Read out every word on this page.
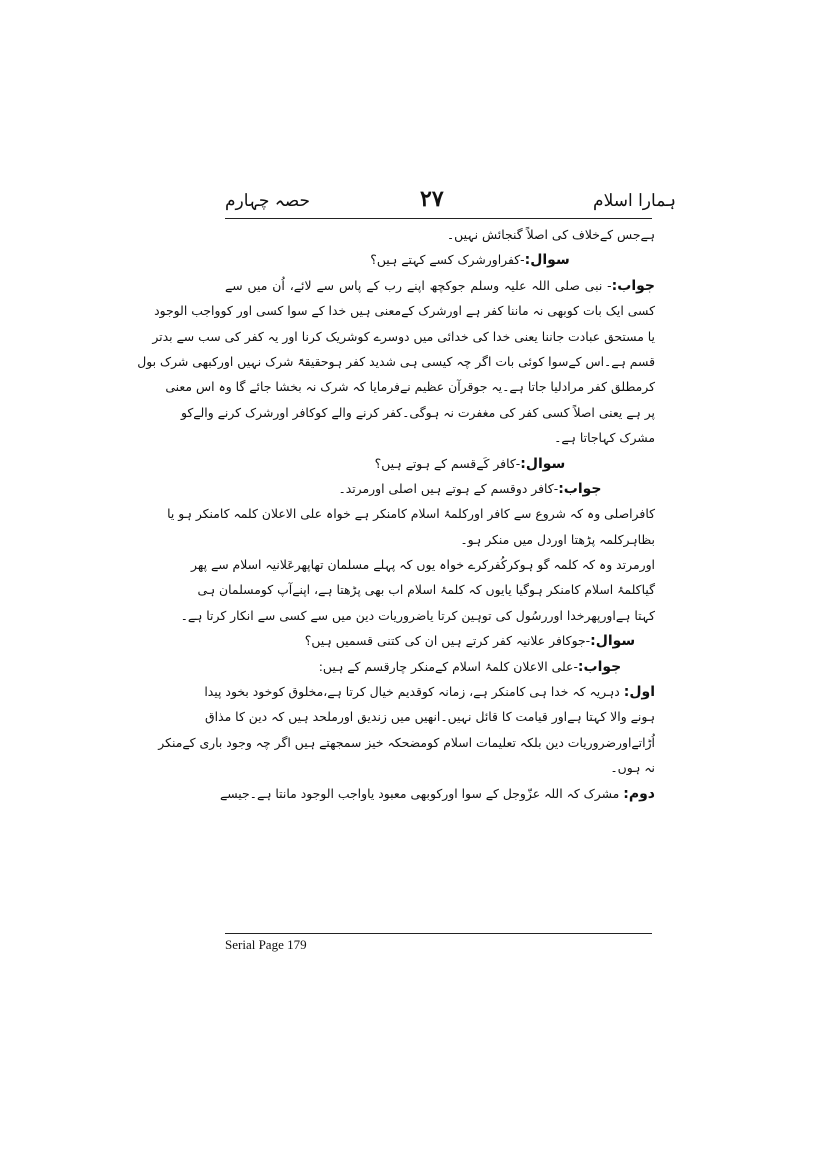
حصہ چہارم	۲۷	ہمارا اسلام
ہےجس کےخلاف کی اصلاً گنجائش نہیں۔
سوال:-کفراورشرک کسے کہتے ہیں؟
جواب:- نبی صلی اللہ علیہ وسلم جوکچھ اپنے رب کے پاس سے لائے، اُن میں سے
کسی ایک بات کوبھی نہ ماننا کفر ہے اورشرک کےمعنی ہیں خدا کے سوا کسی اور کوواجب الوجود
یا مستحق عبادت جاننا یعنی خدا کی خدائی میں دوسرے کوشریک کرنا اور یہ کفر کی سب سے بدتر
قسم ہے۔اس کےسوا کوئی بات اگر چہ کیسی ہی شدید کفر ہوحقیقۃً شرک نہیں اورکبھی شرک بول
کرمطلق کفر مرادلیا جاتا ہے۔یہ جوقرآن عظیم نےفرمایا کہ شرک نہ بخشا جائے گا وہ اس معنی
پر ہے یعنی اصلاً کسی کفر کی مغفرت نہ ہوگی۔کفر کرنے والے کوکافر اورشرک کرنے والےکو
مشرک کہاجاتا ہے۔
سوال:-کافر کَےقسم کے ہوتے ہیں؟
جواب:-کافر دوقسم کے ہوتے ہیں اصلی اورمرتد۔
کافراصلی وہ کہ شروع سے کافر اورکلمۂ اسلام کامنکر ہے خواہ علی الاعلان کلمہ کامنکر ہو یا
بظاہرکلمہ پڑھتا اوردل میں منکر ہو۔
اورمرتد وہ کہ کلمہ گو ہوکرکُفرکرے خواہ یوں کہ پہلے مسلمان تھاپھرعَلانیہ اسلام سے پھر
گیاکلمۂ اسلام کامنکر ہوگیا یایوں کہ کلمۂ اسلام اب بھی پڑھتا ہے، اپنےآپ کومسلمان ہی
کہتا ہےاورپھرخدا اوررسُول کی توہین کرتا یاضروریات دین میں سے کسی سے انکار کرتا ہے۔
سوال:-جوکافر علانیہ کفر کرتے ہیں ان کی کتنی قسمیں ہیں؟
جواب:-علی الاعلان کلمۂ اسلام کےمنکر چارقسم کے ہیں:
اول: دہریہ کہ خدا ہی کامنکر ہے، زمانہ کوقدیم خیال کرتا ہے،مخلوق کوخود بخود پیدا
ہونے والا کہتا ہےاور قیامت کا قائل نہیں۔انھیں میں زندیق اورملحد ہیں کہ دین کا مذاق
اُڑاتےاورضروریات دین بلکہ تعلیمات اسلام کومضحکہ خیز سمجھتے ہیں اگر چہ وجود باری کےمنکر
نہ ہوں۔
دوم: مشرک کہ اللہ عزّوجل کے سوا اورکوبھی معبود یاواجب الوجود مانتا ہے۔جیسے
Serial Page 179
